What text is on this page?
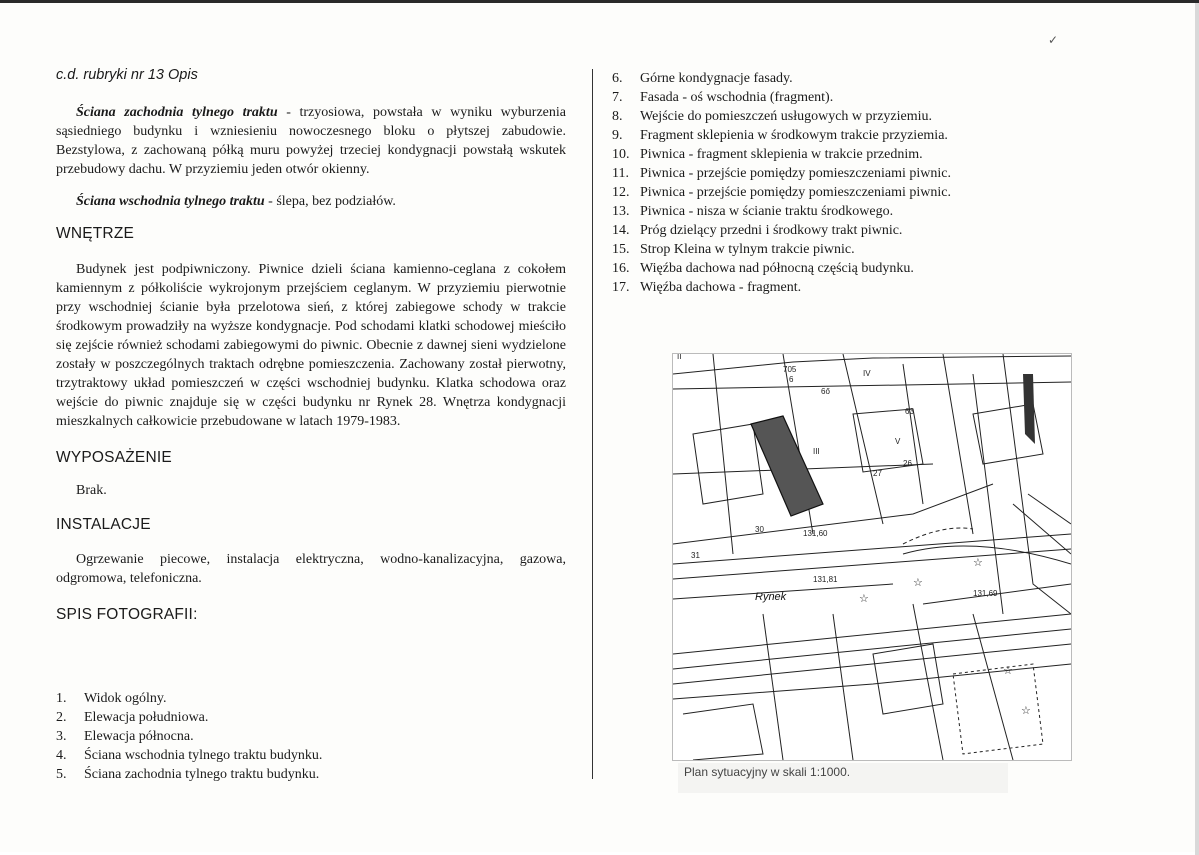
✓

c.d. rubryki nr 13 Opis

Ściana zachodnia tylnego traktu - trzyosiowa, powstała w wyniku wyburzenia sąsiedniego budynku i wzniesieniu nowoczesnego bloku o płytszej zabudowie. Bezstylowa, z zachowaną półką muru powyżej trzeciej kondygnacji powstałą wskutek przebudowy dachu. W przyziemiu jeden otwór okienny.

Ściana wschodnia tylnego traktu - ślepa, bez podziałów.

WNĘTRZE

Budynek jest podpiwniczony. Piwnice dzieli ściana kamienno-ceglana z cokołem kamiennym z półkoliście wykrojonym przejściem ceglanym. W przyziemiu pierwotnie przy wschodniej ścianie była przelotowa sień, z której zabiegowe schody w trakcie środkowym prowadziły na wyższe kondygnacje. Pod schodami klatki schodowej mieściło się zejście również schodami zabiegowymi do piwnic. Obecnie z dawnej sieni wydzielone zostały w poszczególnych traktach odrębne pomieszczenia. Zachowany został pierwotny, trzytraktowy układ pomieszczeń w części wschodniej budynku. Klatka schodowa oraz wejście do piwnic znajduje się w części budynku nr Rynek 28. Wnętrza kondygnacji mieszkalnych całkowicie przebudowane w latach 1979-1983.

WYPOSAŻENIE

Brak.

INSTALACJE

Ogrzewanie piecowe, instalacja elektryczna, wodno-kanalizacyjna, gazowa, odgromowa, telefoniczna.

SPIS FOTOGRAFII:

1.	Widok ogólny.
2.	Elewacja południowa.
3.	Elewacja północna.
4.	Ściana wschodnia tylnego traktu budynku.
5.	Ściana zachodnia tylnego traktu budynku.
6.	Górne kondygnacje fasady.
7.	Fasada - oś wschodnia (fragment).
8.	Wejście do pomieszczeń usługowych w przyziemiu.
9.	Fragment sklepienia w środkowym trakcie przyziemia.
10. Piwnica - fragment sklepienia w trakcie przednim.
11. Piwnica - przejście pomiędzy pomieszczeniami piwnic.
12. Piwnica - przejście pomiędzy pomieszczeniami piwnic.
13. Piwnica - nisza w ścianie traktu środkowego.
14. Próg dzielący przedni i środkowy trakt piwnic.
15. Strop Kleina w tylnym trakcie piwnic.
16. Więźba dachowa nad północną częścią budynku.
17. Więźba dachowa - fragment.
705
6
63
IV
V
III
II
27
26
30
31
131,60
131,69
131,81
6ő
Rynek
☆
☆
☆
☆
☆
Plan sytuacyjny w skali 1:1000.
